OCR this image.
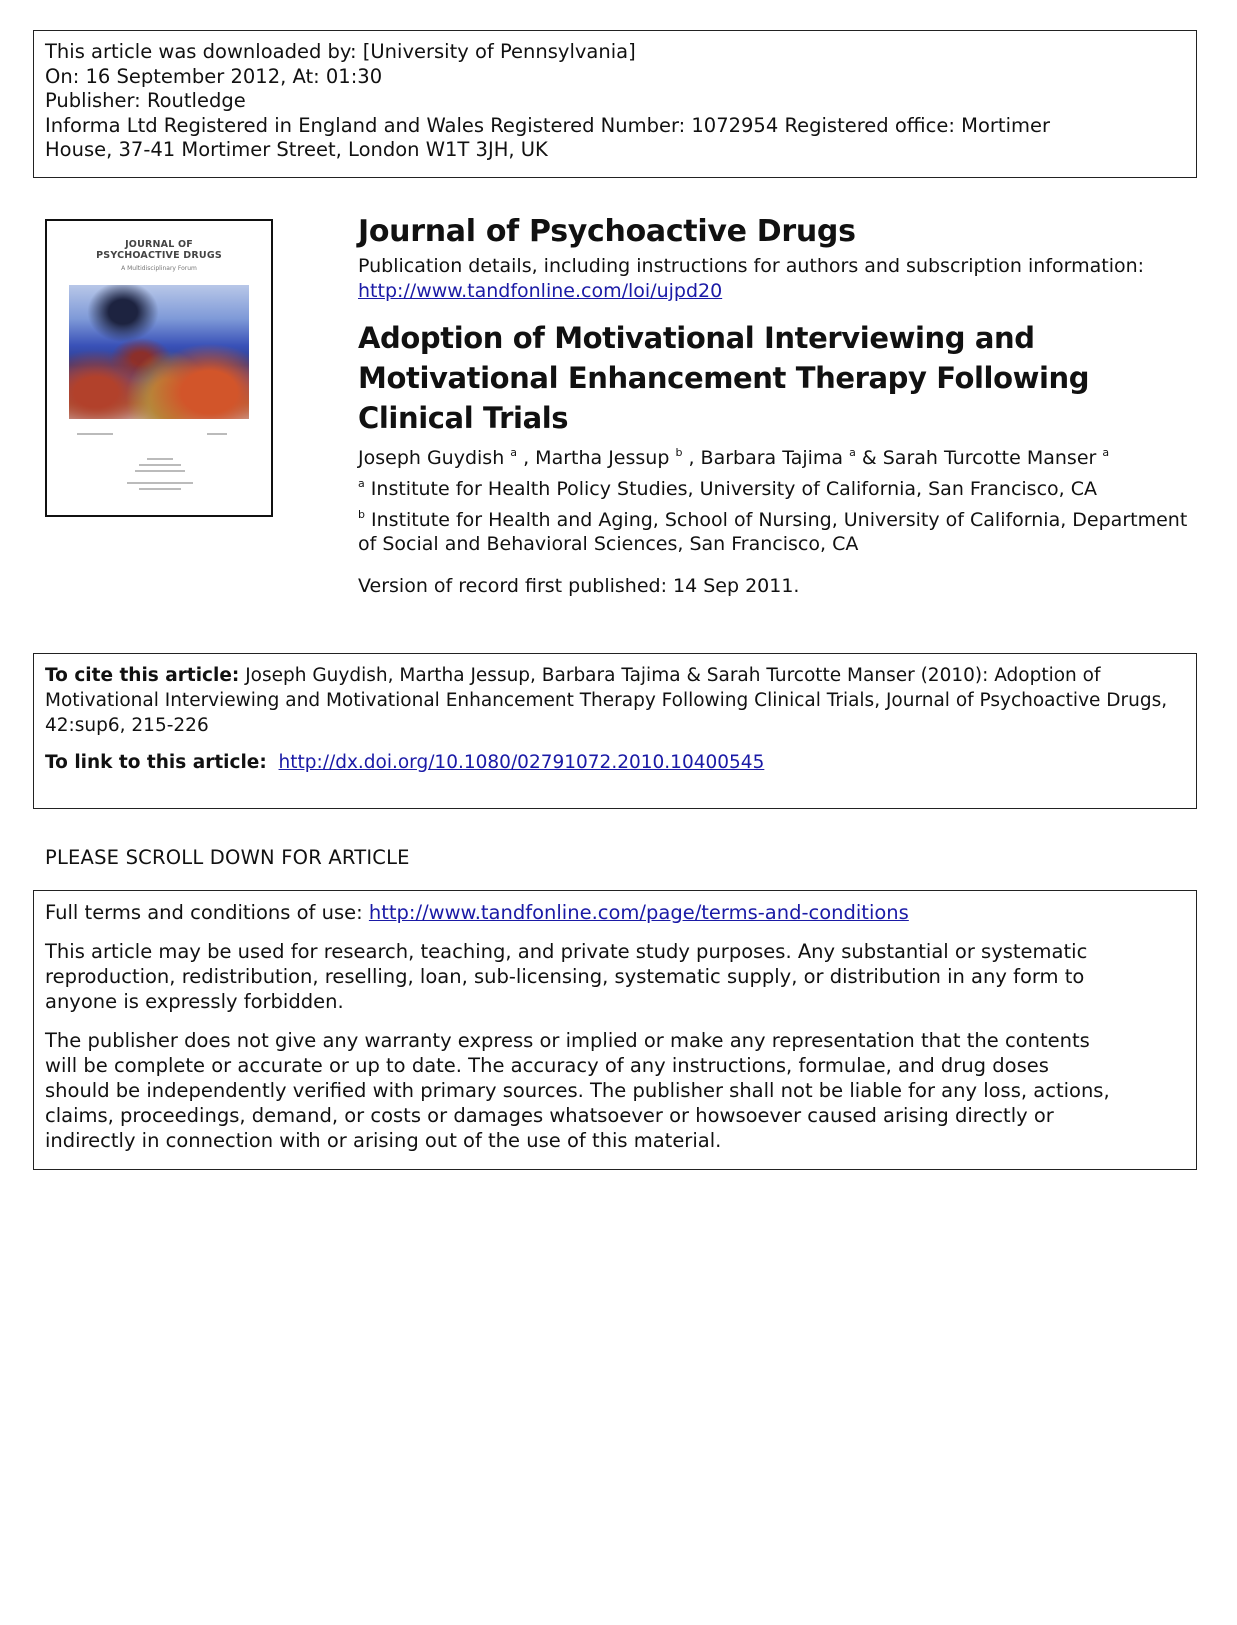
This article was downloaded by: [University of Pennsylvania]
On: 16 September 2012, At: 01:30
Publisher: Routledge
Informa Ltd Registered in England and Wales Registered Number: 1072954 Registered office: Mortimer
House, 37-41 Mortimer Street, London W1T 3JH, UK
JOURNAL OF
PSYCHOACTIVE DRUGS
A Multidisciplinary Forum
Journal of Psychoactive Drugs
Publication details, including instructions for authors and subscription information:
http://www.tandfonline.com/loi/ujpd20
Adoption of Motivational Interviewing and
Motivational Enhancement Therapy Following
Clinical Trials
Joseph Guydish $^a$ , Martha Jessup $^b$ , Barbara Tajima $^a$ & Sarah Turcotte Manser $^a$
$^a$ Institute for Health Policy Studies, University of California, San Francisco, CA
$^b$ Institute for Health and Aging, School of Nursing, University of California, Department
of Social and Behavioral Sciences, San Francisco, CA
Version of record first published: 14 Sep 2011.
To cite this article: Joseph Guydish, Martha Jessup, Barbara Tajima & Sarah Turcotte Manser (2010): Adoption of
Motivational Interviewing and Motivational Enhancement Therapy Following Clinical Trials, Journal of Psychoactive Drugs,
42:sup6, 215-226
To link to this article: http://dx.doi.org/10.1080/02791072.2010.10400545
PLEASE SCROLL DOWN FOR ARTICLE

Full terms and conditions of use: http://www.tandfonline.com/page/terms-and-conditions

This article may be used for research, teaching, and private study purposes. Any substantial or systematic
reproduction, redistribution, reselling, loan, sub-licensing, systematic supply, or distribution in any form to
anyone is expressly forbidden.

The publisher does not give any warranty express or implied or make any representation that the contents
will be complete or accurate or up to date. The accuracy of any instructions, formulae, and drug doses
should be independently verified with primary sources. The publisher shall not be liable for any loss, actions,
claims, proceedings, demand, or costs or damages whatsoever or howsoever caused arising directly or
indirectly in connection with or arising out of the use of this material.
